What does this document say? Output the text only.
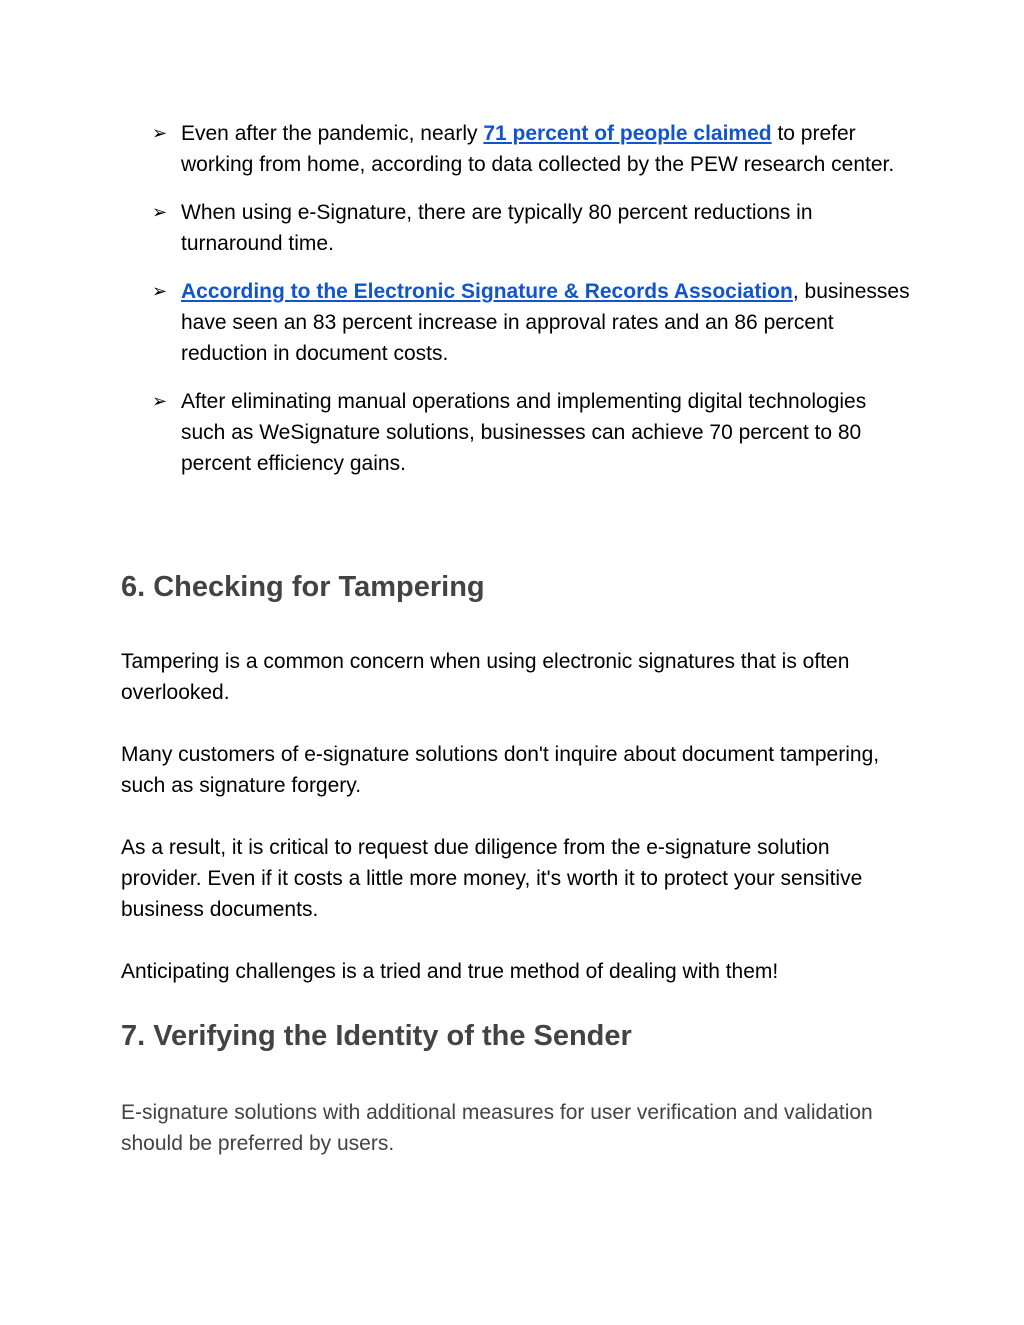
➢ Even after the pandemic, nearly 71 percent of people claimed to prefer working from home, according to data collected by the PEW research center.
➢ When using e-Signature, there are typically 80 percent reductions in turnaround time.
➢ According to the Electronic Signature & Records Association, businesses have seen an 83 percent increase in approval rates and an 86 percent reduction in document costs.
➢ After eliminating manual operations and implementing digital technologies such as WeSignature solutions, businesses can achieve 70 percent to 80 percent efficiency gains.
6. Checking for Tampering

Tampering is a common concern when using electronic signatures that is often overlooked.

Many customers of e-signature solutions don't inquire about document tampering, such as signature forgery.

As a result, it is critical to request due diligence from the e-signature solution provider. Even if it costs a little more money, it's worth it to protect your sensitive business documents.

Anticipating challenges is a tried and true method of dealing with them!

7. Verifying the Identity of the Sender

E-signature solutions with additional measures for user verification and validation should be preferred by users.
